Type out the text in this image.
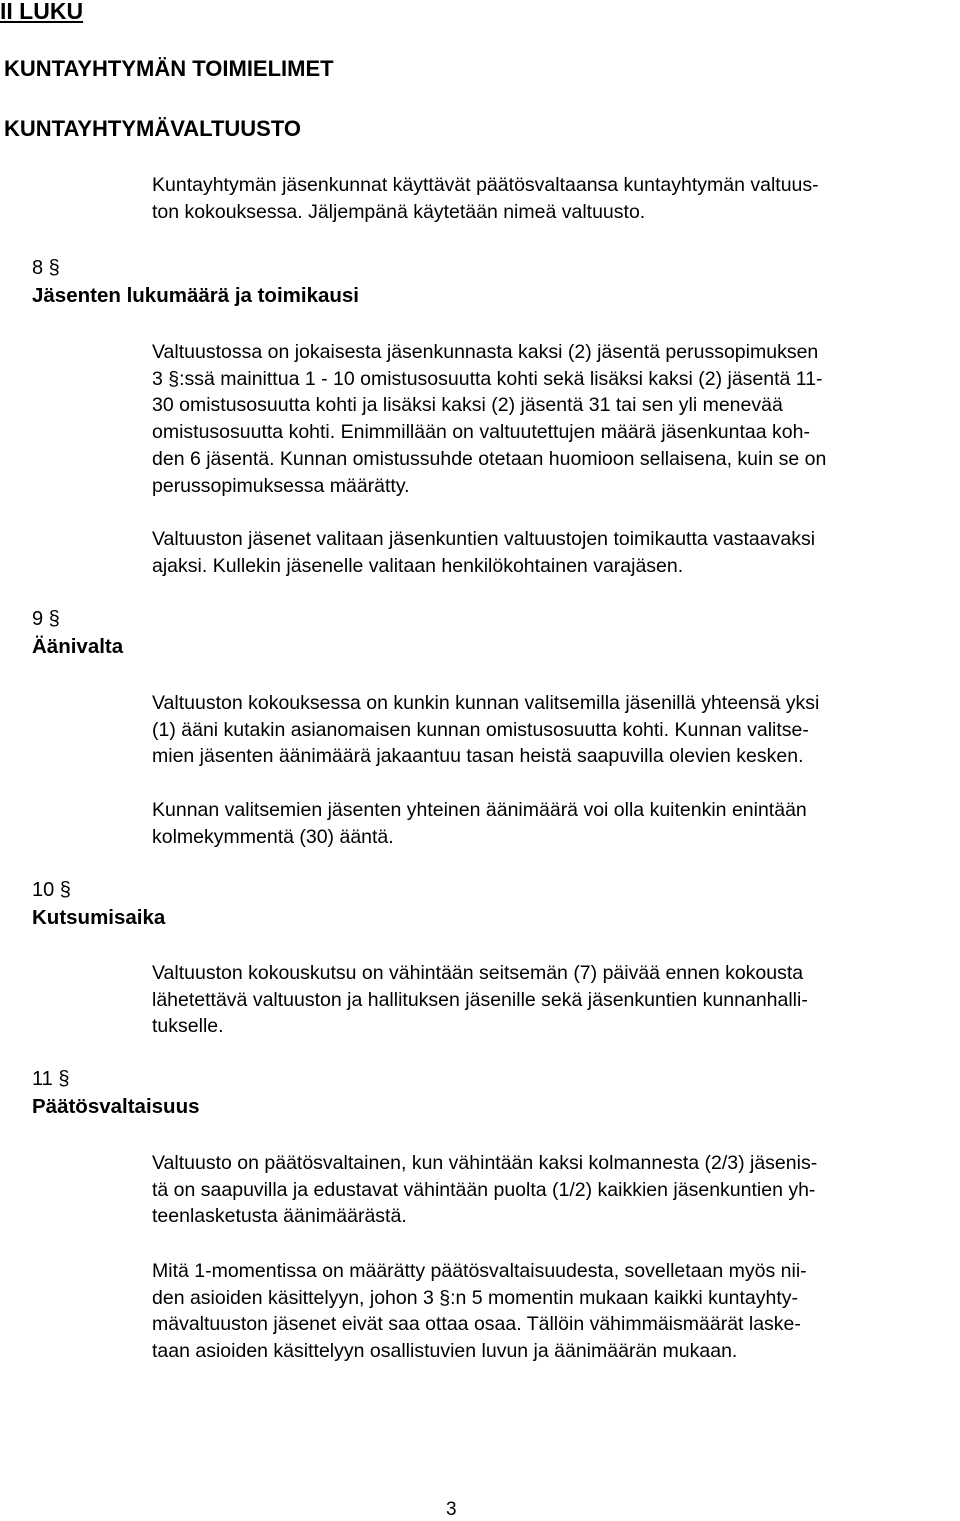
II LUKU
KUNTAYHTYMÄN TOIMIELIMET
KUNTAYHTYMÄVALTUUSTO

Kuntayhtymän jäsenkunnat käyttävät päätösvaltaansa kuntayhtymän valtuus-
ton kokouksessa. Jäljempänä käytetään nimeä valtuusto.

8 §
Jäsenten lukumäärä ja toimikausi

Valtuustossa on jokaisesta jäsenkunnasta kaksi (2) jäsentä perussopimuksen
3 §:ssä mainittua 1 - 10 omistusosuutta kohti sekä lisäksi kaksi (2) jäsentä 11-
30 omistusosuutta kohti ja lisäksi kaksi (2) jäsentä 31 tai sen yli menevää
omistusosuutta kohti. Enimmillään on valtuutettujen määrä jäsenkuntaa koh-
den 6 jäsentä. Kunnan omistussuhde otetaan huomioon sellaisena, kuin se on
perussopimuksessa määrätty.

Valtuuston jäsenet valitaan jäsenkuntien valtuustojen toimikautta vastaavaksi
ajaksi. Kullekin jäsenelle valitaan henkilökohtainen varajäsen.

9 §
Äänivalta

Valtuuston kokouksessa on kunkin kunnan valitsemilla jäsenillä yhteensä yksi
(1) ääni kutakin asianomaisen kunnan omistusosuutta kohti. Kunnan valitse-
mien jäsenten äänimäärä jakaantuu tasan heistä saapuvilla olevien kesken.

Kunnan valitsemien jäsenten yhteinen äänimäärä voi olla kuitenkin enintään
kolmekymmentä (30) ääntä.

10 §
Kutsumisaika

Valtuuston kokouskutsu on vähintään seitsemän (7) päivää ennen kokousta
lähetettävä valtuuston ja hallituksen jäsenille sekä jäsenkuntien kunnanhalli-
tukselle.

11 §
Päätösvaltaisuus

Valtuusto on päätösvaltainen, kun vähintään kaksi kolmannesta (2/3) jäsenis-
tä on saapuvilla ja edustavat vähintään puolta (1/2) kaikkien jäsenkuntien yh-
teenlasketusta äänimäärästä.

Mitä 1-momentissa on määrätty päätösvaltaisuudesta, sovelletaan myös nii-
den asioiden käsittelyyn, johon 3 §:n 5 momentin mukaan kaikki kuntayhty-
mävaltuuston jäsenet eivät saa ottaa osaa. Tällöin vähimmäismäärät laske-
taan asioiden käsittelyyn osallistuvien luvun ja äänimäärän mukaan.

3
